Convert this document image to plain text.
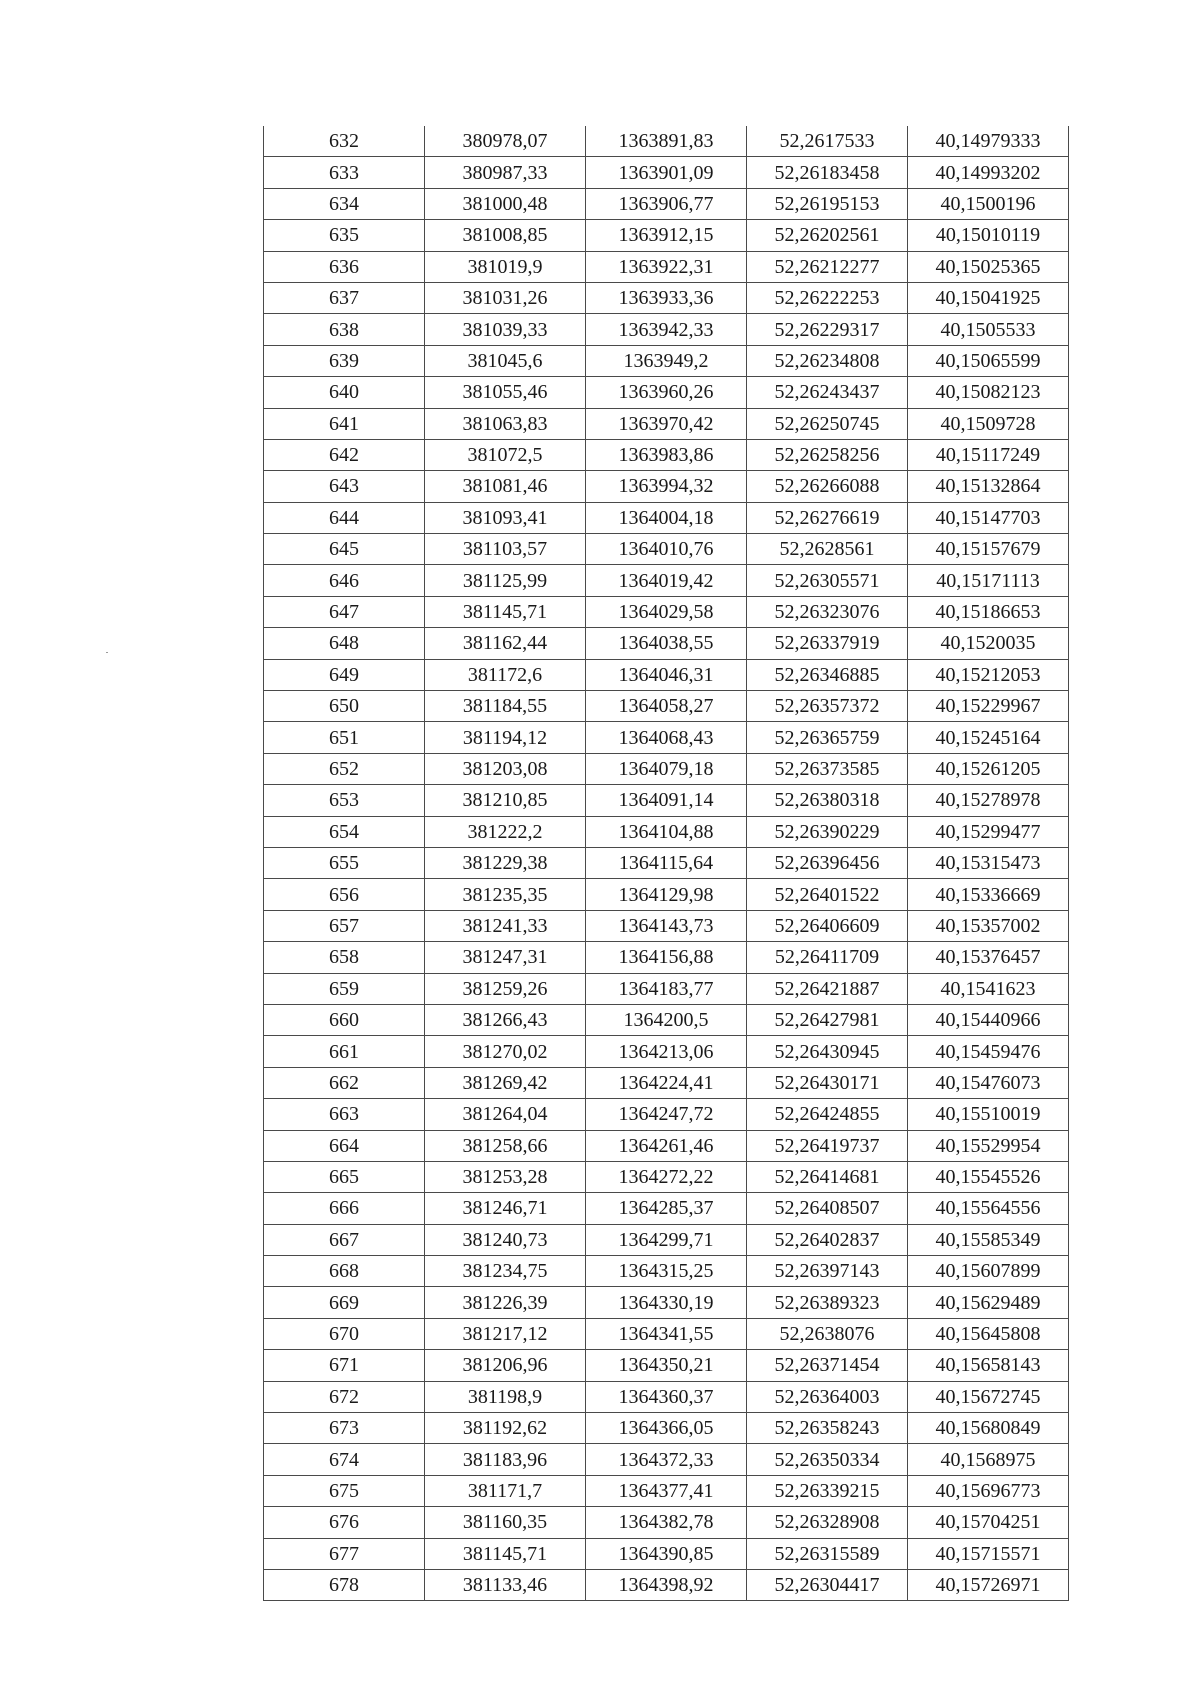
632	380978,07	1363891,83	52,2617533	40,14979333
633	380987,33	1363901,09	52,26183458	40,14993202
634	381000,48	1363906,77	52,26195153	40,1500196
635	381008,85	1363912,15	52,26202561	40,15010119
636	381019,9	1363922,31	52,26212277	40,15025365
637	381031,26	1363933,36	52,26222253	40,15041925
638	381039,33	1363942,33	52,26229317	40,1505533
639	381045,6	1363949,2	52,26234808	40,15065599
640	381055,46	1363960,26	52,26243437	40,15082123
641	381063,83	1363970,42	52,26250745	40,1509728
642	381072,5	1363983,86	52,26258256	40,15117249
643	381081,46	1363994,32	52,26266088	40,15132864
644	381093,41	1364004,18	52,26276619	40,15147703
645	381103,57	1364010,76	52,2628561	40,15157679
646	381125,99	1364019,42	52,26305571	40,15171113
647	381145,71	1364029,58	52,26323076	40,15186653
648	381162,44	1364038,55	52,26337919	40,1520035
649	381172,6	1364046,31	52,26346885	40,15212053
650	381184,55	1364058,27	52,26357372	40,15229967
651	381194,12	1364068,43	52,26365759	40,15245164
652	381203,08	1364079,18	52,26373585	40,15261205
653	381210,85	1364091,14	52,26380318	40,15278978
654	381222,2	1364104,88	52,26390229	40,15299477
655	381229,38	1364115,64	52,26396456	40,15315473
656	381235,35	1364129,98	52,26401522	40,15336669
657	381241,33	1364143,73	52,26406609	40,15357002
658	381247,31	1364156,88	52,26411709	40,15376457
659	381259,26	1364183,77	52,26421887	40,1541623
660	381266,43	1364200,5	52,26427981	40,15440966
661	381270,02	1364213,06	52,26430945	40,15459476
662	381269,42	1364224,41	52,26430171	40,15476073
663	381264,04	1364247,72	52,26424855	40,15510019
664	381258,66	1364261,46	52,26419737	40,15529954
665	381253,28	1364272,22	52,26414681	40,15545526
666	381246,71	1364285,37	52,26408507	40,15564556
667	381240,73	1364299,71	52,26402837	40,15585349
668	381234,75	1364315,25	52,26397143	40,15607899
669	381226,39	1364330,19	52,26389323	40,15629489
670	381217,12	1364341,55	52,2638076	40,15645808
671	381206,96	1364350,21	52,26371454	40,15658143
672	381198,9	1364360,37	52,26364003	40,15672745
673	381192,62	1364366,05	52,26358243	40,15680849
674	381183,96	1364372,33	52,26350334	40,1568975
675	381171,7	1364377,41	52,26339215	40,15696773
676	381160,35	1364382,78	52,26328908	40,15704251
677	381145,71	1364390,85	52,26315589	40,15715571
678	381133,46	1364398,92	52,26304417	40,15726971
